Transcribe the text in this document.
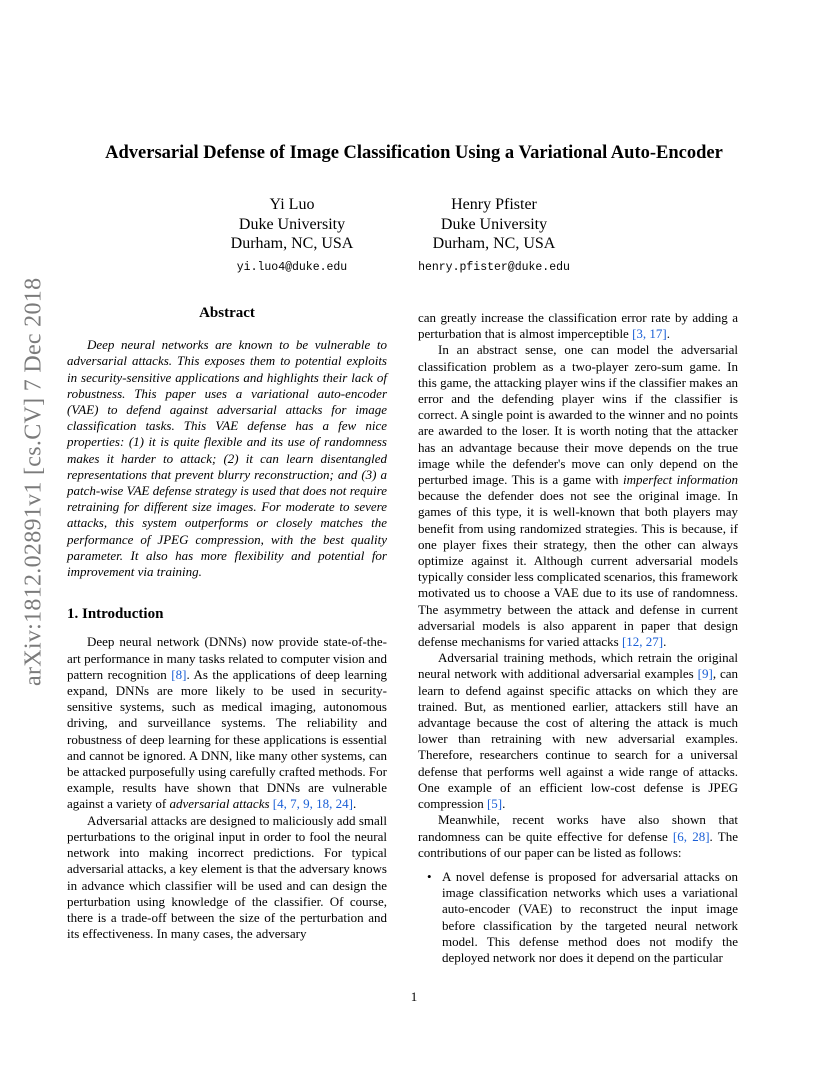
arXiv:1812.02891v1 [cs.CV] 7 Dec 2018
Adversarial Defense of Image Classification Using a Variational Auto-Encoder
Yi Luo
Duke University
Durham, NC, USA
yi.luo4@duke.edu
Henry Pfister
Duke University
Durham, NC, USA
henry.pfister@duke.edu
Abstract

Deep neural networks are known to be vulnerable to adversarial attacks. This exposes them to potential exploits in security-sensitive applications and highlights their lack of robustness. This paper uses a variational auto-encoder (VAE) to defend against adversarial attacks for image classification tasks. This VAE defense has a few nice properties: (1) it is quite flexible and its use of randomness makes it harder to attack; (2) it can learn disentangled representations that prevent blurry reconstruction; and (3) a patch-wise VAE defense strategy is used that does not require retraining for different size images. For moderate to severe attacks, this system outperforms or closely matches the performance of JPEG compression, with the best quality parameter. It also has more flexibility and potential for improvement via training.

1. Introduction

Deep neural network (DNNs) now provide state-of-the-art performance in many tasks related to computer vision and pattern recognition [8]. As the applications of deep learning expand, DNNs are more likely to be used in security-sensitive systems, such as medical imaging, autonomous driving, and surveillance systems. The reliability and robustness of deep learning for these applications is essential and cannot be ignored. A DNN, like many other systems, can be attacked purposefully using carefully crafted methods. For example, results have shown that DNNs are vulnerable against a variety of adversarial attacks [4, 7, 9, 18, 24].

Adversarial attacks are designed to maliciously add small perturbations to the original input in order to fool the neural network into making incorrect predictions. For typical adversarial attacks, a key element is that the adversary knows in advance which classifier will be used and can design the perturbation using knowledge of the classifier. Of course, there is a trade-off between the size of the perturbation and its effectiveness. In many cases, the adversary

can greatly increase the classification error rate by adding a perturbation that is almost imperceptible [3, 17].

In an abstract sense, one can model the adversarial classification problem as a two-player zero-sum game. In this game, the attacking player wins if the classifier makes an error and the defending player wins if the classifier is correct. A single point is awarded to the winner and no points are awarded to the loser. It is worth noting that the attacker has an advantage because their move depends on the true image while the defender's move can only depend on the perturbed image. This is a game with imperfect information because the defender does not see the original image. In games of this type, it is well-known that both players may benefit from using randomized strategies. This is because, if one player fixes their strategy, then the other can always optimize against it. Although current adversarial models typically consider less complicated scenarios, this framework motivated us to choose a VAE due to its use of randomness. The asymmetry between the attack and defense in current adversarial models is also apparent in paper that design defense mechanisms for varied attacks [12, 27].

Adversarial training methods, which retrain the original neural network with additional adversarial examples [9], can learn to defend against specific attacks on which they are trained. But, as mentioned earlier, attackers still have an advantage because the cost of altering the attack is much lower than retraining with new adversarial examples. Therefore, researchers continue to search for a universal defense that performs well against a wide range of attacks. One example of an efficient low-cost defense is JPEG compression [5].

Meanwhile, recent works have also shown that randomness can be quite effective for defense [6, 28]. The contributions of our paper can be listed as follows:

• A novel defense is proposed for adversarial attacks on image classification networks which uses a variational auto-encoder (VAE) to reconstruct the input image before classification by the targeted neural network model. This defense method does not modify the deployed network nor does it depend on the particular
1
